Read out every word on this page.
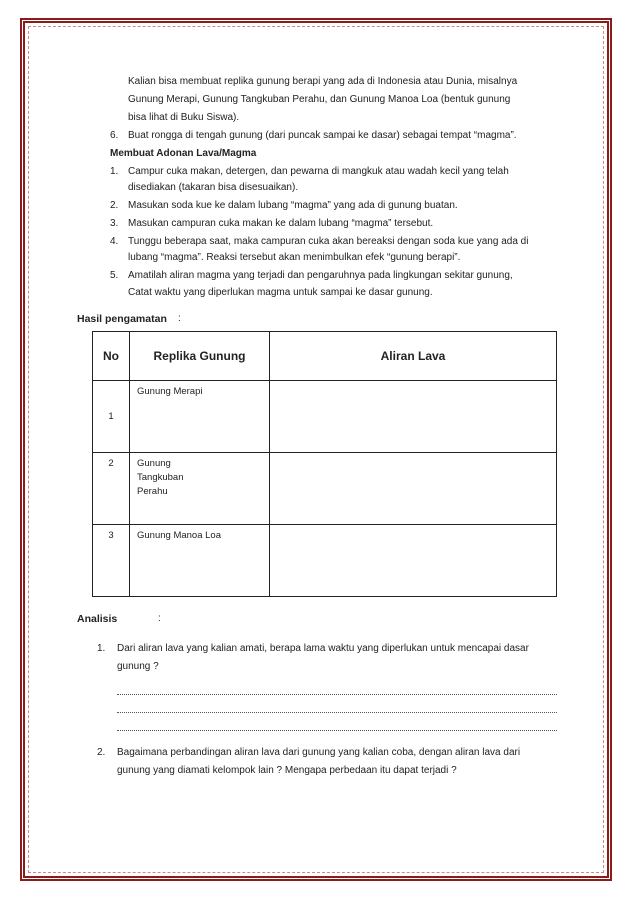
Kalian bisa membuat replika gunung berapi yang ada di Indonesia atau Dunia, misalnya
Gunung Merapi, Gunung Tangkuban Perahu, dan Gunung Manoa Loa (bentuk gunung
bisa lihat di Buku Siswa).
6. Buat rongga di tengah gunung (dari puncak sampai ke dasar) sebagai tempat “magma”.
Membuat Adonan Lava/Magma
1. Campur cuka makan, detergen, dan pewarna di mangkuk atau wadah kecil yang telah
disediakan (takaran bisa disesuaikan).
2. Masukan soda kue ke dalam lubang “magma” yang ada di gunung buatan.
3. Masukan campuran cuka makan ke dalam lubang “magma” tersebut.
4. Tunggu beberapa saat, maka campuran cuka akan bereaksi dengan soda kue yang ada di
lubang “magma”. Reaksi tersebut akan menimbulkan efek “gunung berapi”.
5. Amatilah aliran magma yang terjadi dan pengaruhnya pada lingkungan sekitar gunung,
Catat waktu yang diperlukan magma untuk sampai ke dasar gunung.
Hasil pengamatan :
No	Replika Gunung	Aliran Lava
1	Gunung Merapi	

2	Gunung Tangkuban Perahu	

3	Gunung Manoa Loa	

Analisis	:
1. Dari aliran lava yang kalian amati, berapa lama waktu yang diperlukan untuk mencapai dasar
gunung ?
2. Bagaimana perbandingan aliran lava dari gunung yang kalian coba, dengan aliran lava dari
gunung yang diamati kelompok lain ? Mengapa perbedaan itu dapat terjadi ?
